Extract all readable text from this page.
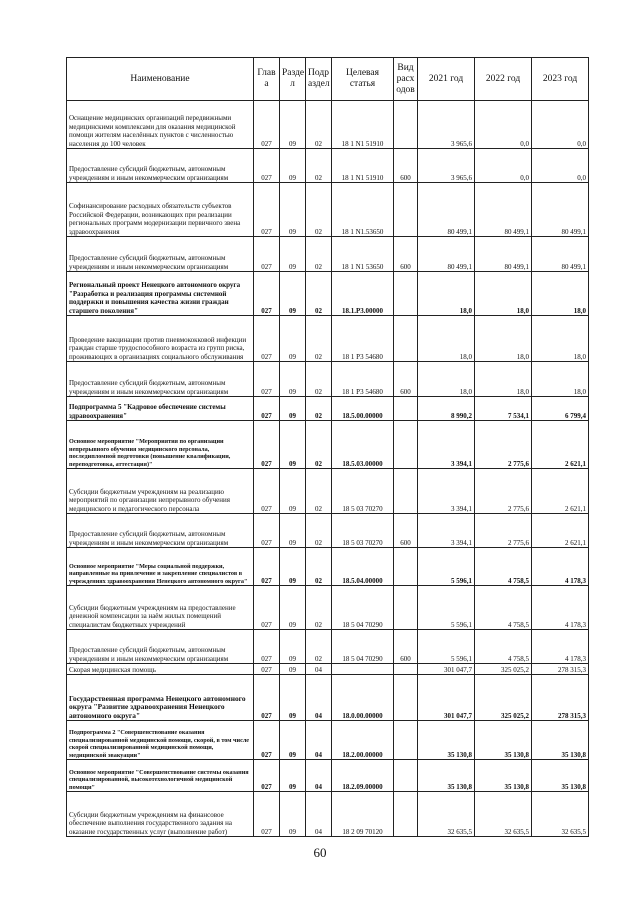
Наименование	Глав а	Разде л	Подр аздел	Целевая статья	Вид расх одов	2021 год	2022 год	2023 год
Оснащение медицинских организаций передвижными медицинскими комплексами для оказания медицинской помощи жителям населённых пунктов с численностью населения до 100 человек	027	09	02	18 1 N1 51910		3 965,6	0,0	0,0
Предоставление субсидий бюджетным, автономным учреждениям и иным некоммерческим организациям	027	09	02	18 1 N1 51910	600	3 965,6	0,0	0,0
Софинансирование расходных обязательств субъектов Российской Федерации, возникающих при реализации региональных программ модернизации первичного звена здравоохранения	027	09	02	18 1 N1.53650		80 499,1	80 499,1	80 499,1
Предоставление субсидий бюджетным, автономным учреждениям и иным некоммерческим организациям	027	09	02	18 1 N1 53650	600	80 499,1	80 499,1	80 499,1
Региональный проект Ненецкого автономного округа "Разработка и реализация программы системной поддержки и повышения качества жизни граждан старшего поколения"	027	09	02	18.1.P3.00000		18,0	18,0	18,0
Проведение вакцинации против пневмококковой инфекции граждан старше трудоспособного возраста из групп риска, проживающих в организациях социального обслуживания	027	09	02	18 1 P3 54680		18,0	18,0	18,0
Предоставление субсидий бюджетным, автономным учреждениям и иным некоммерческим организациям	027	09	02	18 1 P3 54680	600	18,0	18,0	18,0
Подпрограмма 5 "Кадровое обеспечение системы здравоохранения"	027	09	02	18.5.00.00000		8 990,2	7 534,1	6 799,4
Основное мероприятие "Мероприятия по организации непрерывного обучения медицинского персонала, последипломной подготовки (повышение квалификации, переподготовка, аттестация)"	027	09	02	18.5.03.00000		3 394,1	2 775,6	2 621,1
Субсидии бюджетным учреждениям на реализацию мероприятий по организации непрерывного обучения медицинского и педагогического персонала	027	09	02	18 5 03 70270		3 394,1	2 775,6	2 621,1
Предоставление субсидий бюджетным, автономным учреждениям и иным некоммерческим организациям	027	09	02	18 5 03 70270	600	3 394,1	2 775,6	2 621,1
Основное мероприятие "Меры социальной поддержки, направленные на привлечение и закрепление специалистов в учреждениях здравоохранения Ненецкого автономного округа"	027	09	02	18.5.04.00000		5 596,1	4 758,5	4 178,3
Субсидии бюджетным учреждениям на предоставление денежной компенсации за наём жилых помещений специалистам бюджетных учреждений	027	09	02	18 5 04 70290		5 596,1	4 758,5	4 178,3
Предоставление субсидий бюджетным, автономным учреждениям и иным некоммерческим организациям	027	09	02	18 5 04 70290	600	5 596,1	4 758,5	4 178,3
Скорая медицинская помощь	027	09	04			301 047,7	325 025,2	278 315,3
Государственная программа Ненецкого автономного округа "Развитие здравоохранения Ненецкого автономного округа"	027	09	04	18.0.00.00000		301 047,7	325 025,2	278 315,3
Подпрограмма 2 "Совершенствование оказания специализированной медицинской помощи, скорой, в том числе скорой специализированной медицинской помощи, медицинской эвакуации"	027	09	04	18.2.00.00000		35 130,8	35 130,8	35 130,8
Основное мероприятие "Совершенствование системы оказания специализированной, высокотехнологичной медицинской помощи"	027	09	04	18.2.09.00000		35 130,8	35 130,8	35 130,8
Субсидии бюджетным учреждениям на финансовое обеспечение выполнения государственного задания на оказание государственных услуг (выполнение работ)	027	09	04	18 2 09 70120		32 635,5	32 635,5	32 635,5
60
